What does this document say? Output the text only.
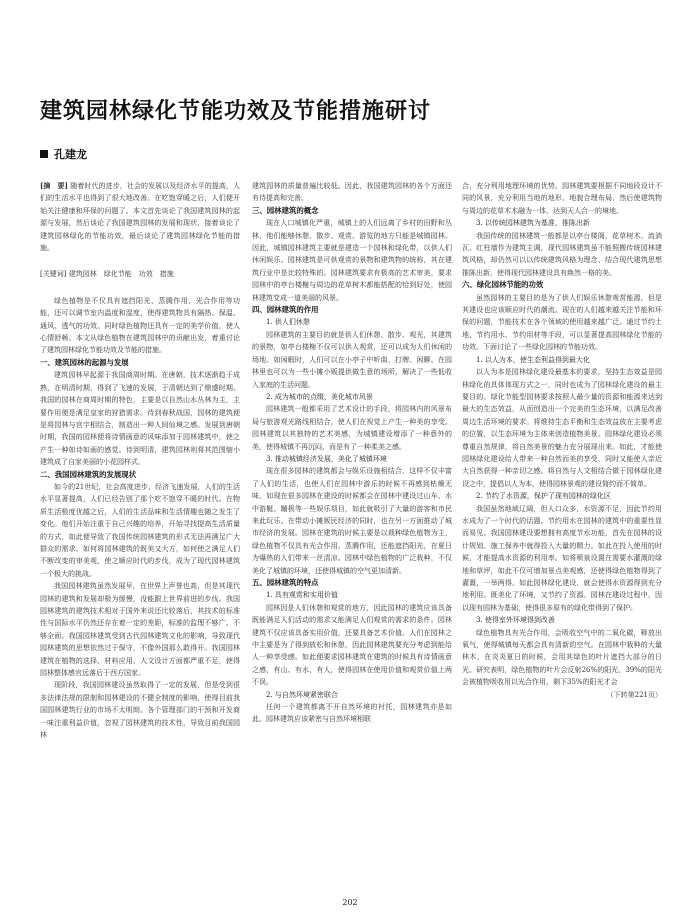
建筑园林绿化节能功效及节能措施研讨
孔建龙
[摘　要] 随着时代的进步，社会的发展以及经济水平的提高，人们的生活水平也得到了很大地改善。在吃饱穿暖之后，人们便开始关注健康和环保的问题了。本文首先谈论了我国建筑园林的起源与发展，然后谈论了我国建筑园林的发展和现状，接着谈论了建筑园林绿化的节能功效，最后谈论了建筑园林绿化节能的措施。
[关键词] 建筑园林　绿化节能　功效　措施

绿色植物是不仅具有遮挡阳光、蒸腾作用、光合作用等功能，还可以调节室内温度和湿度，使得建筑物具有隔热、保温、通风、透气的功效。同时绿色植物还具有一定的美学价值，使人心情舒畅。本文从绿色植物在建筑园林中的贡献出发，着重讨论了建筑园林绿化节能功效及节能的措施。

一、建筑园林的起源与发展

建筑园林早起源于我国商周时期。在唐朝，技术逐渐趋于成熟，在明清时期，得到了飞速的发展，于清朝达到了鼎盛时期。我国的园林在商周时期的特色，主要是以自然山水丛林为主，主要作用便是满足皇家的狩猎需求。待到春秋战国，园林的建筑便是将园林与宫宇相结合，制造出一种人间仙境之感。发展到唐朝时期，我国的园林便将诗情画意的风味添加于园林建筑中，使之产生一种如诗如画的感觉。待到明清，建筑园林则将其范围缩小建筑成了自家美丽的小花园样式。

二、我国园林建筑的发展现状

如今的21世纪，社会高度进步，经济飞速发展，人们的生活水平显著提高，人们已经告别了那个吃不饱穿不暖的时代。在物质生活极度优越之后，人们的生活品味和生活情趣也随之发生了变化。他们开始注重于自己兴趣的培养，开始寻找提高生活质量的方式，如此便导致了我国传统园林建筑的形式无法再满足广大群众的需求。如何将园林建筑的既美又大方，如何使之满足人们不断改变的审美观，使之顺应时代的步伐，成为了现代园林建筑一个极大的挑战。

我国园林建筑虽然发展早，在世界上声誉也高，但是其现代园林的建筑和发展却极为缓慢，没能跟上世界前进的步伐。我国园林建筑的建筑技术相对于国外来说还比较落后，其技术的标准性与国际水平仍然还存在着一定的差距，标准的监理不够广、不够全面。我国园林建筑受到古代园林建筑文化的影响，导致现代园林建筑的思想依然过于保守，不像外国那么敢得开。我国园林建筑在植物的选择、材料应用、人文设计方面都严重不足，使得园林整体感官远落后于西方国家。

现阶段，我国园林建设虽然取得了一定的发展，但是受到很多法律法规的限制和园林建设的不健全制度的影响，使得目前我国园林建筑行业的市场不太明朗。各个管理部门的干预和开发商一味注重利益价值，忽视了园林建筑的技术性，导致目前我国园林

建筑园林的质量普遍比较低。因此，我国建筑园林的各个方面还有待提高和完善。

三、园林建筑的概念

现在人口城镇化严重，城镇上的人们远离了乡村的田野和丛林，他们能够休憩、散步、观赏、游览的地方只能是城镇园林。因此，城镇园林建筑主要就是建造一个园林和绿化带，以供人们休闲娱乐。园林建筑是可供观赏的景物和建筑物的统称，其在建筑行业中是比较特殊的。园林建筑要求有极高的艺术审美，要求园林中的亭台楼榭与周边的花草树木都能搭配的恰到好处，使园林建筑变成一道美丽的风景。

四、园林建筑的作用
1. 供人们休憩

园林建筑的主要目的就是供人们休憩、散步、观光，其建筑的景物，如亭台楼榭不仅可以供人观赏，还可以成为人们休闲的场地。如闲暇时，人们可以在小亭子中听曲、打牌、闲聊。在园林里也可以为一些小摊小贩提供做生意的场所，解决了一些低收入家庭的生活问题。

2. 成为城市的点缀，美化城市风景

园林建筑一般都采用了艺术设计的手段，将园林内的风景布局与旅游观光路线相结合，使人们在视觉上产生一种美的享受。园林建筑以其独特的艺术美感，为城镇建设增添了一种意外的美，使得城镇不再沉闷，而是有了一种柔美之感。

3. 推动城镇经济发展，美化了城镇环境

现在很多园林的建筑都会与娱乐设施相结合，这样不仅丰富了人们的生活，也使人们在园林中游乐的时候不再感到枯燥无味。如现在很多园林在建设的时候都会在园林中建设过山车、水中游艇、蹦极等一些娱乐项目，如此就吸引了大量的游客和市民来此玩乐。在带动小摊贩民经济的同时，也在另一方面推动了城市经济的发展。园林在建筑的时候主要是以栽种绿色植物为主，绿色植物不仅具有光合作用、蒸腾作用，还能遮挡阳光，在夏日为爆热的人们带来一丝清凉。园林中绿色植物的广泛栽种，不仅美化了城镇的环境，还使得城镇的空气更加清新。

五、园林建筑的特点
1. 具有观赏和实用价值

园林因是人们休憩和观赏的地方，因此园林的建筑应该具备既能满足人们活动的需求又能满足人们观赏的需求的条件。园林建筑不仅应该具备实用价值，还要具备艺术价值。人们在园林之中主要是为了得到放松和休憩，因此园林建筑要充分考虑到能给人一种享受感。如此便要求园林建筑在建筑的时候具有诗情画意之感，有山、有水、有人，使得园林在使用价值和观赏价值上两不误。

2. 与自然环境紧密联合

任何一个建筑都离不开自然环境的衬托，园林建筑亦是如此。园林建筑应该紧密与自然环境相联

合，充分利用地理环境的优势。园林建筑要根据不同地段设计不同的风景，充分利用当地的地形、地貌合理布局，然后使建筑物与周边的花草木木融为一体，达到天人合一的境地。

3. 以传统园林建筑为基准，推陈出新

我国传统的园林建筑一般都是以亭台楼阁、花草树木、流淌瓦、红柱墙作为建筑主调，现代园林建筑虽不能照搬传统园林建筑风格，却仍然可以以传统建筑风格为理念，结合现代建筑思想推陈出新，使得现代园林建设具有焕然一格的美。

六、绿化园林节能的功效

虽然园林的主要目的是为了供人们娱乐休憩观赏能源，但是其建设也应该顺应时代的潮流。现在的人们越来越关注节能和环保的问题，节能技术在各个领域的使用越来越广泛。通过节约土地、节约用水、节约用材等手段，可以显著提高园林绿化节能的功效。下面讨论了一些绿化园林的节能功效。

1. 以人为本，使生态利益得到最大化

以人为本是园林绿化建设最基本的要求，坚持生态效益是园林绿化的具体体现方式之一，同时也成为了园林绿化建设的最主要目的。绿化节能型园林要求按照人最少量的资源和能源来达到最大的生态效益，从而创造出一个完美的生态环境，以满足改善周边生活环境的要求。将维持生态平衡和生态效益放在主要考虑的位置，以生态环境为主体来创造植物美景。园林绿化建设必须尊重自然规律，将自然美景的魅力充分展现出来。如此，才能使园林绿化建设给人带来一种自然而美的享受，同时又能使人亲近大自然获得一种亲切之感。将自然与人文相结合做于园林绿化建设之中，提倡以人为本，使得园林景观的建设简约而不简单。

2. 节约了水资源，保护了现有园林的绿化区

我国虽然地域辽阔，但人口众多，水资源不足，因此节约用水成为了一个时代的话题。节约用水在园林的建筑中的重要性显而易见。我国园林建设要想拥有高度节水功能，首先在园林的设计规划、施工保养中就得投入大量的精力。如此在投入使用的时候，才能提高水资源的利用率。如将喷泉设置在需要水灌溉的绿地和草坪，如此不仅可增加景点美观感，还使得绿色植物得到了灌溉，一举两得。如此园林绿化建设，就会使得水资源得到充分地利用。既美化了环境，又节约了资源。园林在建设过程中，因以现有园林为基础，使得很多原有的绿化带得到了保护。

3. 使得室外环境得到改善

绿色植物具有光合作用，会吸收空气中的二氧化碳，释放出氧气，使得城镇每天都会具有清新的空气。在园林中栽种的大量林木，在炎炎夏日的时候，会用其绿色的叶片遮挡大部分的日光。研究表明，绿色植物的叶片会反射26%的阳光，39%的阳光会被植物吸收用以光合作用，剩下35%的阳光才会

（下转第221页）

202
